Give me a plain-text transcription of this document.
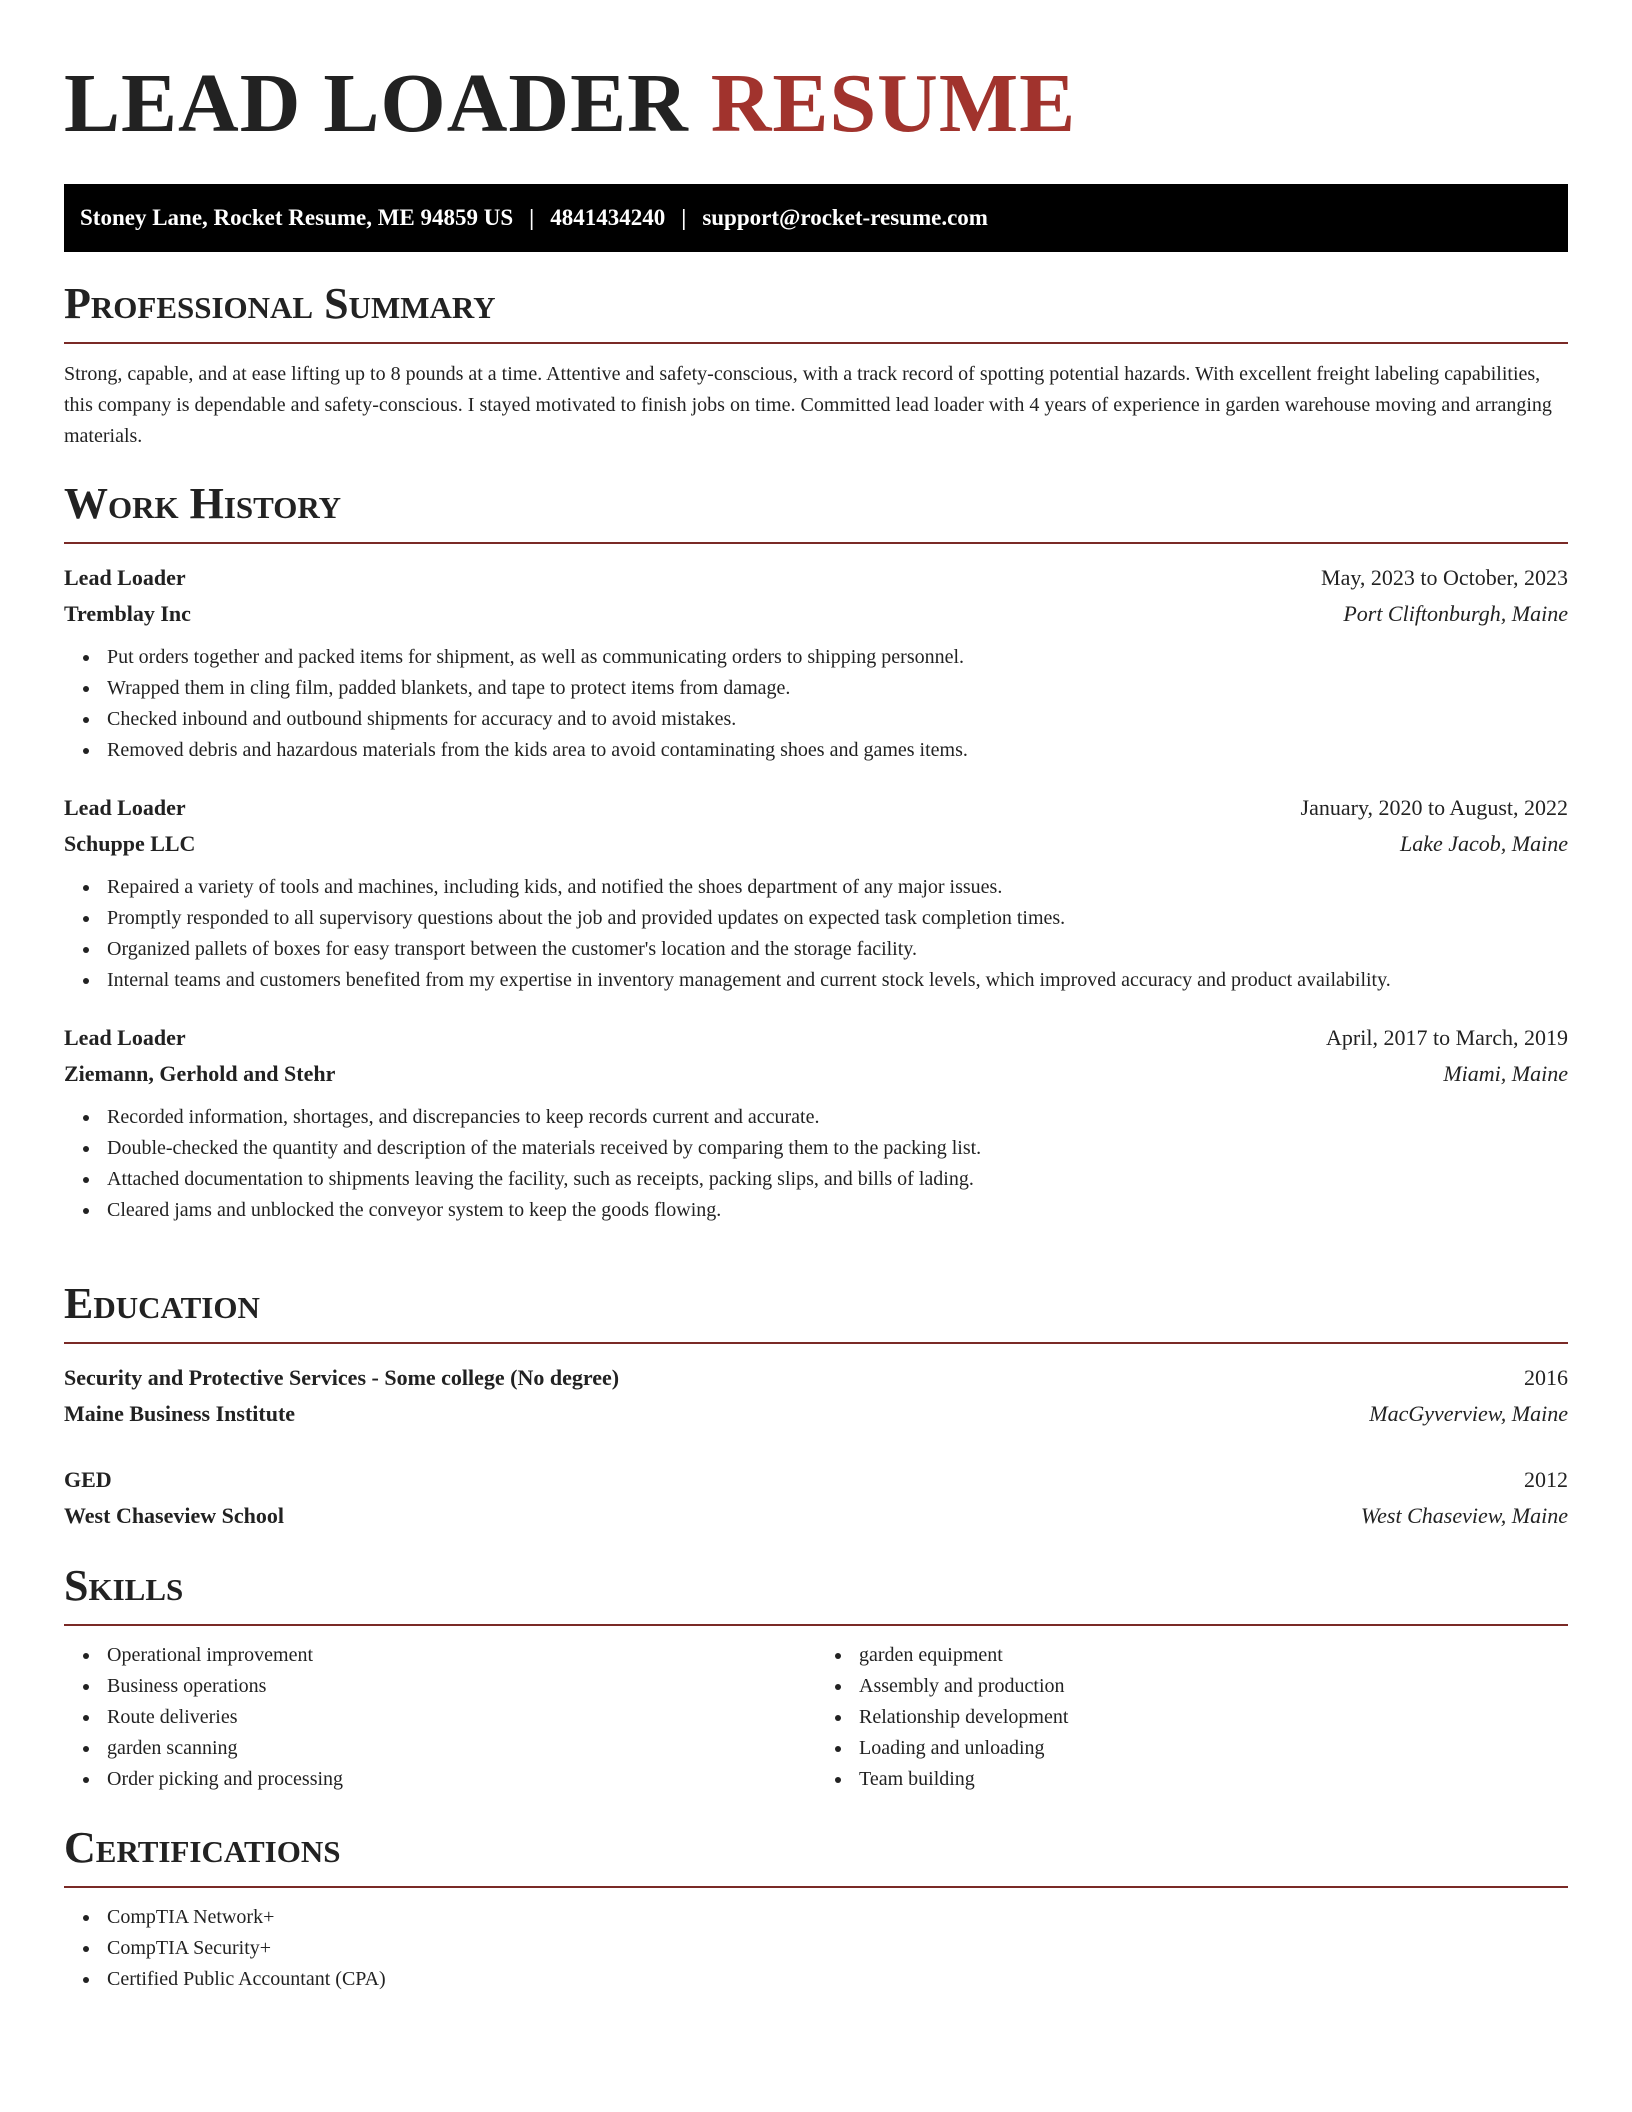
LEAD LOADER RESUME
Stoney Lane, Rocket Resume, ME 94859 US | 4841434240 | support@rocket-resume.com
Professional Summary

Strong, capable, and at ease lifting up to 8 pounds at a time. Attentive and safety-conscious, with a track record of spotting potential hazards. With excellent freight labeling capabilities, this company is dependable and safety-conscious. I stayed motivated to finish jobs on time. Committed lead loader with 4 years of experience in garden warehouse moving and arranging materials.

Work History
Lead Loader	May, 2023 to October, 2023
Tremblay Inc	Port Cliftonburgh, Maine
Put orders together and packed items for shipment, as well as communicating orders to shipping personnel.
Wrapped them in cling film, padded blankets, and tape to protect items from damage.
Checked inbound and outbound shipments for accuracy and to avoid mistakes.
Removed debris and hazardous materials from the kids area to avoid contaminating shoes and games items.
Lead Loader	January, 2020 to August, 2022
Schuppe LLC	Lake Jacob, Maine
Repaired a variety of tools and machines, including kids, and notified the shoes department of any major issues.
Promptly responded to all supervisory questions about the job and provided updates on expected task completion times.
Organized pallets of boxes for easy transport between the customer's location and the storage facility.
Internal teams and customers benefited from my expertise in inventory management and current stock levels, which improved accuracy and product availability.
Lead Loader	April, 2017 to March, 2019
Ziemann, Gerhold and Stehr	Miami, Maine
Recorded information, shortages, and discrepancies to keep records current and accurate.
Double-checked the quantity and description of the materials received by comparing them to the packing list.
Attached documentation to shipments leaving the facility, such as receipts, packing slips, and bills of lading.
Cleared jams and unblocked the conveyor system to keep the goods flowing.
Education
Security and Protective Services - Some college (No degree)	2016
Maine Business Institute	MacGyverview, Maine
GED	2012
West Chaseview School	West Chaseview, Maine
Skills
Operational improvement
Business operations
Route deliveries
garden scanning
Order picking and processing
garden equipment
Assembly and production
Relationship development
Loading and unloading
Team building
Certifications
CompTIA Network+
CompTIA Security+
Certified Public Accountant (CPA)
